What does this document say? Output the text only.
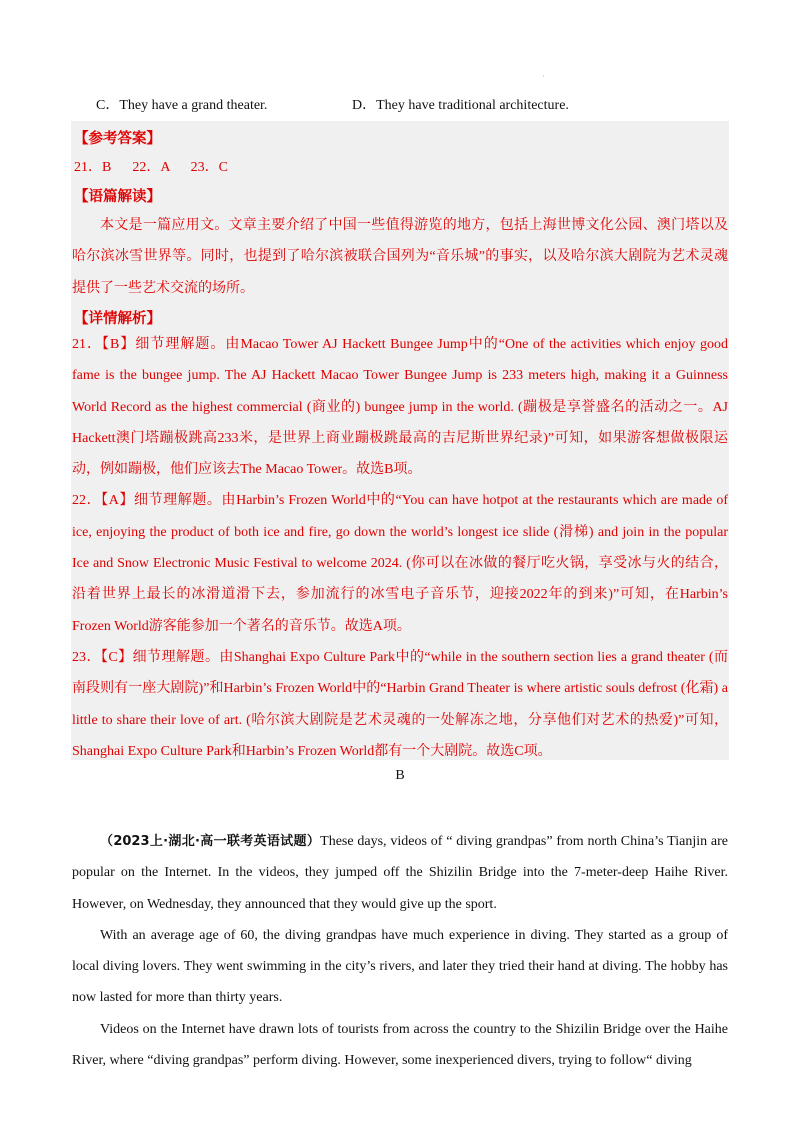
·
C．They have a grand theater.	D．They have traditional architecture.
【参考答案】
21．B      22．A      23．C
【语篇解读】

本文是一篇应用文。文章主要介绍了中国一些值得游览的地方，包括上海世博文化公园、澳门塔以及哈尔滨冰雪世界等。同时，也提到了哈尔滨被联合国列为“音乐城”的事实，以及哈尔滨大剧院为艺术灵魂提供了一些艺术交流的场所。

【详情解析】

21．【B】细节理解题。由Macao Tower AJ Hackett Bungee Jump中的“One of the activities which enjoy good fame is the bungee jump. The AJ Hackett Macao Tower Bungee Jump is 233 meters high, making it a Guinness World Record as the highest commercial (商业的) bungee jump in the world. (蹦极是享誉盛名的活动之一。AJ Hackett澳门塔蹦极跳高233米，是世界上商业蹦极跳最高的吉尼斯世界纪录)”可知，如果游客想做极限运动，例如蹦极，他们应该去The Macao Tower。故选B项。

22．【A】细节理解题。由Harbin’s Frozen World中的“You can have hotpot at the restaurants which are made of ice, enjoying the product of both ice and fire, go down the world’s longest ice slide (滑梯) and join in the popular Ice and Snow Electronic Music Festival to welcome 2024. (你可以在冰做的餐厅吃火锅，享受冰与火的结合，沿着世界上最长的冰滑道滑下去，参加流行的冰雪电子音乐节，迎接2022年的到来)”可知，在Harbin’s Frozen World游客能参加一个著名的音乐节。故选A项。

23．【C】细节理解题。由Shanghai Expo Culture Park中的“while in the southern section lies a grand theater (而南段则有一座大剧院)”和Harbin’s Frozen World中的“Harbin Grand Theater is where artistic souls defrost (化霜) a little to share their love of art. (哈尔滨大剧院是艺术灵魂的一处解冻之地，分享他们对艺术的热爱)”可知，Shanghai Expo Culture Park和Harbin’s Frozen World都有一个大剧院。故选C项。

B

（2023上·湖北·高一联考英语试题）These days, videos of “ diving grandpas” from north China’s Tianjin are popular on the Internet. In the videos, they jumped off the Shizilin Bridge into the 7-meter-deep Haihe River. However, on Wednesday, they announced that they would give up the sport.

With an average age of 60, the diving grandpas have much experience in diving. They started as a group of local diving lovers. They went swimming in the city’s rivers, and later they tried their hand at diving. The hobby has now lasted for more than thirty years.

Videos on the Internet have drawn lots of tourists from across the country to the Shizilin Bridge over the Haihe River, where “diving grandpas” perform diving. However, some inexperienced divers, trying to follow“ diving
